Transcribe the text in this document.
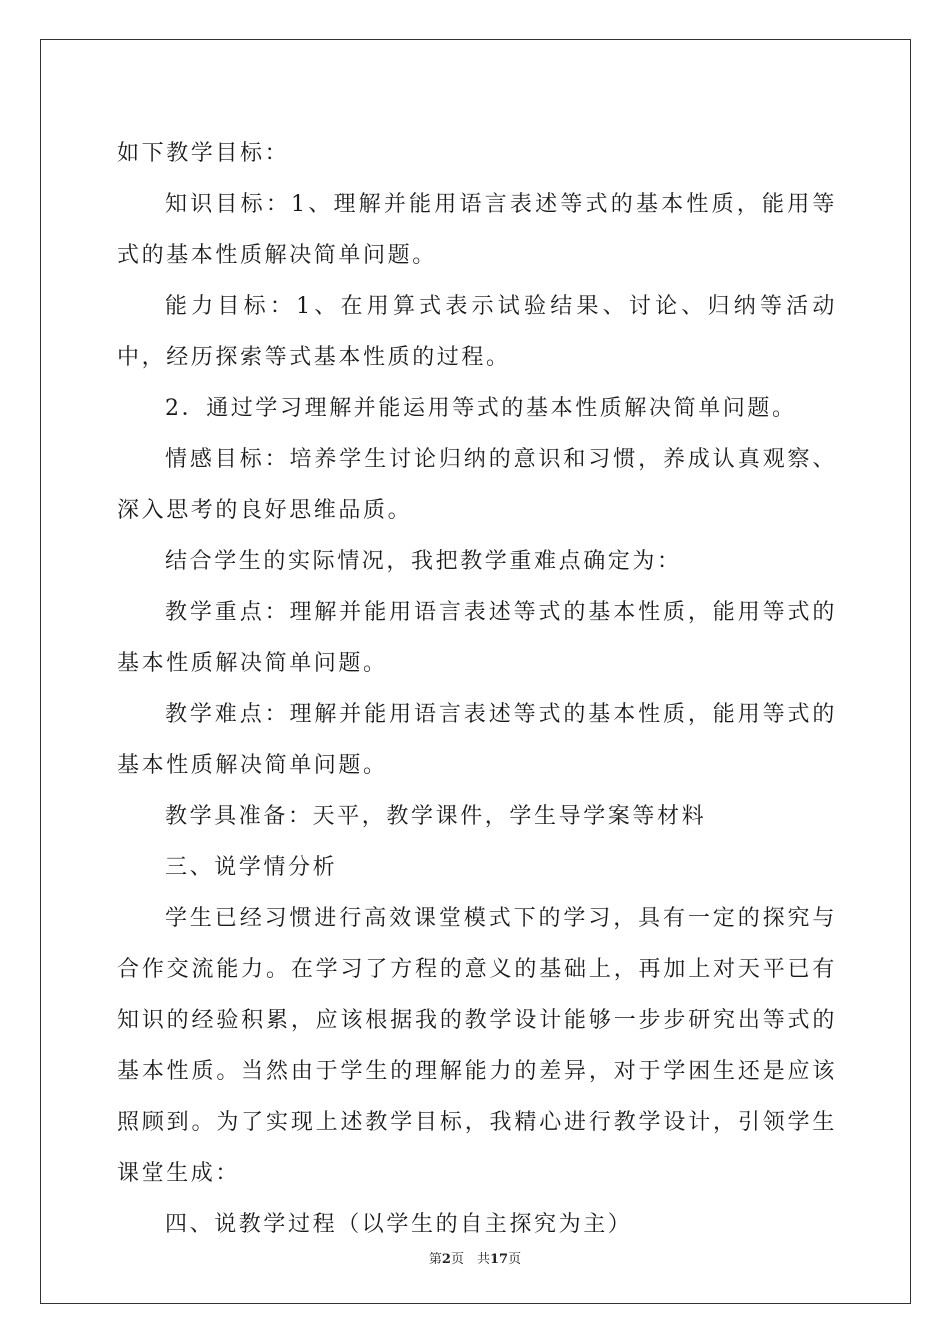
如下教学目标：

知识目标：1、理解并能用语言表述等式的基本性质，能用等式的基本性质解决简单问题。

能力目标：1、在用算式表示试验结果、讨论、归纳等活动中，经历探索等式基本性质的过程。

2．通过学习理解并能运用等式的基本性质解决简单问题。

情感目标：培养学生讨论归纳的意识和习惯，养成认真观察、深入思考的良好思维品质。

结合学生的实际情况，我把教学重难点确定为：

教学重点：理解并能用语言表述等式的基本性质，能用等式的基本性质解决简单问题。

教学难点：理解并能用语言表述等式的基本性质，能用等式的基本性质解决简单问题。

教学具准备：天平，教学课件，学生导学案等材料

三、说学情分析

学生已经习惯进行高效课堂模式下的学习，具有一定的探究与合作交流能力。在学习了方程的意义的基础上，再加上对天平已有知识的经验积累，应该根据我的教学设计能够一步步研究出等式的基本性质。当然由于学生的理解能力的差异，对于学困生还是应该照顾到。为了实现上述教学目标，我精心进行教学设计，引领学生课堂生成：

四、说教学过程（以学生的自主探究为主）

第2页　共17页
